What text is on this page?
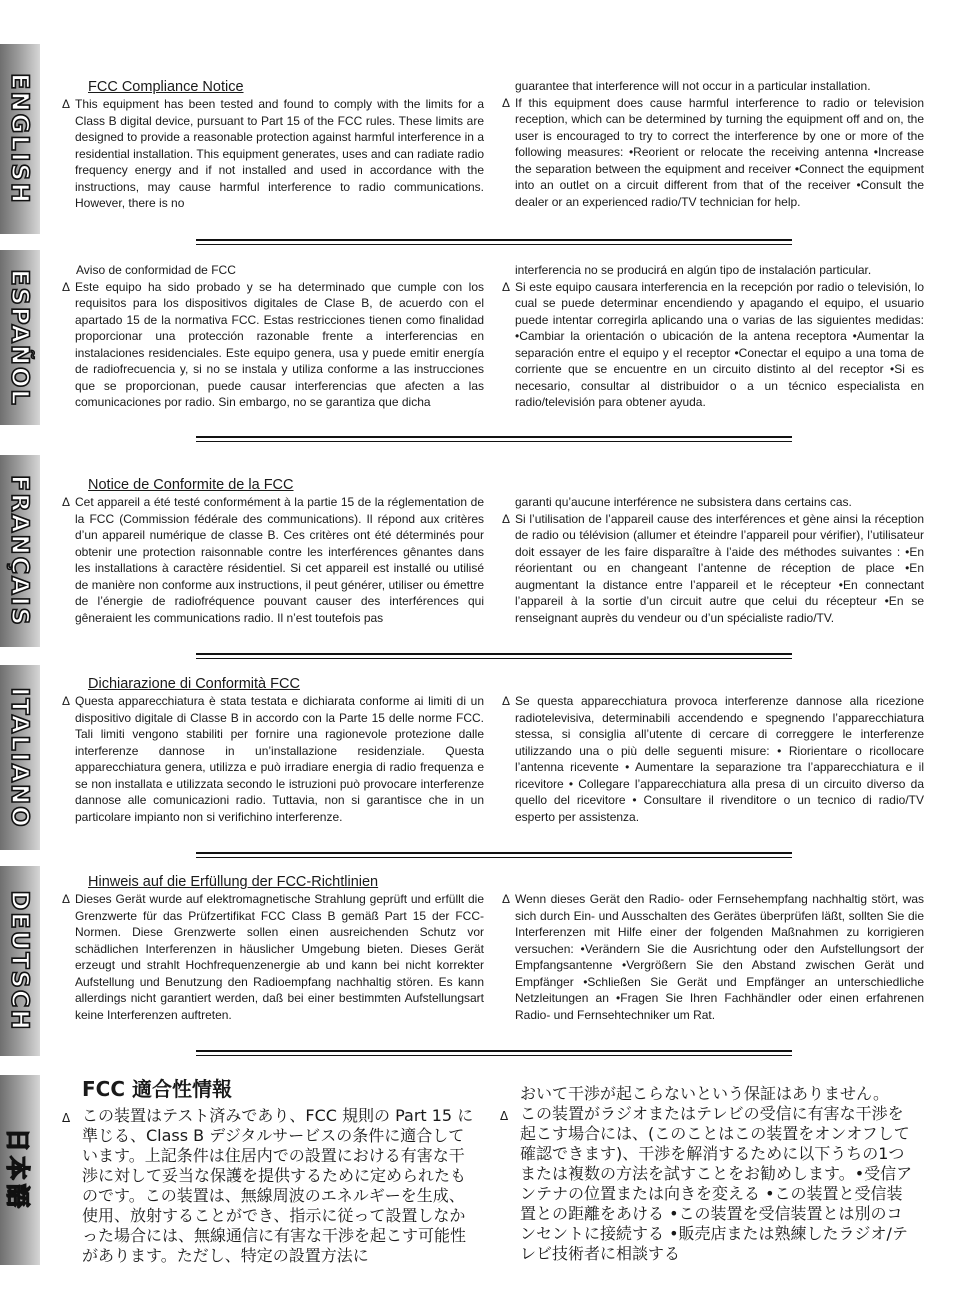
​
ENGLISH	FCC Compliance Notice
Δ This equipment has been tested and found to comply with the limits for a Class B digital device, pursuant to Part 15 of the FCC rules. These limits are designed to provide a reasonable protection against harmful interference in a residential installation. This equipment generates, uses and can radiate radio frequency energy and if not installed and used in accordance with the instructions, may cause harmful interference to radio communications. However, there is no
guarantee that interference will not occur in a particular installation.
Δ If this equipment does cause harmful interference to radio or television reception, which can be determined by turning the equipment off and on, the user is encouraged to try to correct the interference by one or more of the following measures: •Reorient or relocate the receiving antenna •Increase the separation between the equipment and receiver •Connect the equipment into an outlet on a circuit different from that of the receiver •Consult the dealer or an experienced radio/TV technician for help.
ESPAÑOL	Aviso de conformidad de FCC
Δ Este equipo ha sido probado y se ha determinado que cumple con los requisitos para los dispositivos digitales de Clase B, de acuerdo con el apartado 15 de la normativa FCC. Estas restricciones tienen como finalidad proporcionar una protección razonable frente a interferencias en instalaciones residenciales. Este equipo genera, usa y puede emitir energía de radiofrecuencia y, si no se instala y utiliza conforme a las instrucciones que se proporcionan, puede causar interferencias que afecten a las comunicaciones por radio. Sin embargo, no se garantiza que dicha
interferencia no se producirá en algún tipo de instalación particular.
Δ Si este equipo causara interferencia en la recepción por radio o televisión, lo cual se puede determinar encendiendo y apagando el equipo, el usuario puede intentar corregirla aplicando una o varias de las siguientes medidas: •Cambiar la orientación o ubicación de la antena receptora •Aumentar la separación entre el equipo y el receptor •Conectar el equipo a una toma de corriente que se encuentre en un circuito distinto al del receptor •Si es necesario, consultar al distribuidor o a un técnico especialista en radio/televisión para obtener ayuda.
FRANÇAIS	Notice de Conformite de la FCC
Δ Cet appareil a été testé conformément à la partie 15 de la réglementation de la FCC (Commission fédérale des communications). Il répond aux critères d’un appareil numérique de classe B. Ces critères ont été déterminés pour obtenir une protection raisonnable contre les interférences gênantes dans les installations à caractère résidentiel. Si cet appareil est installé ou utilisé de manière non conforme aux instructions, il peut générer, utiliser ou émettre de l’énergie de radiofréquence pouvant causer des interférences qui gêneraient les communications radio. Il n’est toutefois pas
garanti qu’aucune interférence ne subsistera dans certains cas.
Δ Si l’utilisation de l’appareil cause des interférences et gène ainsi la réception de radio ou télévision (allumer et éteindre l’appareil pour vérifier), l’utilisateur doit essayer de les faire disparaître à l’aide des méthodes suivantes : •En réorientant ou en changeant l’antenne de réception de place •En augmentant la distance entre l’appareil et le récepteur •En connectant l’appareil à la sortie d’un circuit autre que celui du récepteur •En se renseignant auprès du vendeur ou d’un spécialiste radio/TV.
ITALIANO
Dichiarazione di Conformità FCC
Δ Questa apparecchiatura è stata testata e dichiarata conforme ai limiti di un dispositivo digitale di Classe B in accordo con la Parte 15 delle norme FCC. Tali limiti vengono stabiliti per fornire una ragionevole protezione dalle interferenze dannose in un’installazione residenziale. Questa apparecchiatura genera, utilizza e può irradiare energia di radio frequenza e se non installata e utilizzata secondo le istruzioni può provocare interferenze dannose alle comunicazioni radio. Tuttavia, non si garantisce che in un particolare impianto non si verifichino interferenze.
Δ Se questa apparecchiatura provoca interferenze dannose alla ricezione radiotelevisiva, determinabili accendendo e spegnendo l’apparecchiatura stessa, si consiglia all’utente di cercare di correggere le interferenze utilizzando una o più delle seguenti misure: • Riorientare o ricollocare l’antenna ricevente • Aumentare la separazione tra l’apparecchiatura e il ricevitore • Collegare l’apparecchiatura alla presa di un circuito diverso da quello del ricevitore • Consultare il rivenditore o un tecnico di radio/TV esperto per assistenza.
DEUTSCH
Hinweis auf die Erfüllung der FCC-Richtlinien
Δ Dieses Gerät wurde auf elektromagnetische Strahlung geprüft und erfüllt die Grenzwerte für das Prüfzertifikat FCC Class B gemäß Part 15 der FCC-Normen. Diese Grenzwerte sollen einen ausreichenden Schutz vor schädlichen Interferenzen in häuslicher Umgebung bieten. Dieses Gerät erzeugt und strahlt Hochfrequenzenergie ab und kann bei nicht korrekter Aufstellung und Benutzung den Radioempfang nachhaltig stören. Es kann allerdings nicht garantiert werden, daß bei einer bestimmten Aufstellungsart keine Interferenzen auftreten.
Δ Wenn dieses Gerät den Radio- oder Fernsehempfang nachhaltig stört, was sich durch Ein- und Ausschalten des Gerätes überprüfen läßt, sollten Sie die Interferenzen mit Hilfe einer der folgenden Maßnahmen zu korrigieren versuchen: •Verändern Sie die Ausrichtung oder den Aufstellungsort der Empfangsantenne •Vergrößern Sie den Abstand zwischen Gerät und Empfänger •Schließen Sie Gerät und Empfänger an unterschiedliche Netzleitungen an •Fragen Sie Ihren Fachhändler oder einen erfahrenen Radio- und Fernsehtechniker um Rat.
日本語
FCC 適合性情報
Δ この装置はテスト済みであり、FCC 規則の Part 15 に準じる、Class B デジタルサービスの条件に適合しています。上記条件は住居内での設置における有害な干渉に対して妥当な保護を提供するために定められたものです。この装置は、無線周波のエネルギーを生成、使用、放射することができ、指示に従って設置しなかった場合には、無線通信に有害な干渉を起こす可能性があります。ただし、特定の設置方法に
おいて干渉が起こらないという保証はありません。
Δ この装置がラジオまたはテレビの受信に有害な干渉を起こす場合には、(このことはこの装置をオンオフして確認できます)、干渉を解消するために以下うちの1つまたは複数の方法を試すことをお勧めします。•受信アンテナの位置または向きを変える •この装置と受信装置との距離をあける •この装置を受信装置とは別のコンセントに接続する •販売店または熟練したラジオ/テレビ技術者に相談する
